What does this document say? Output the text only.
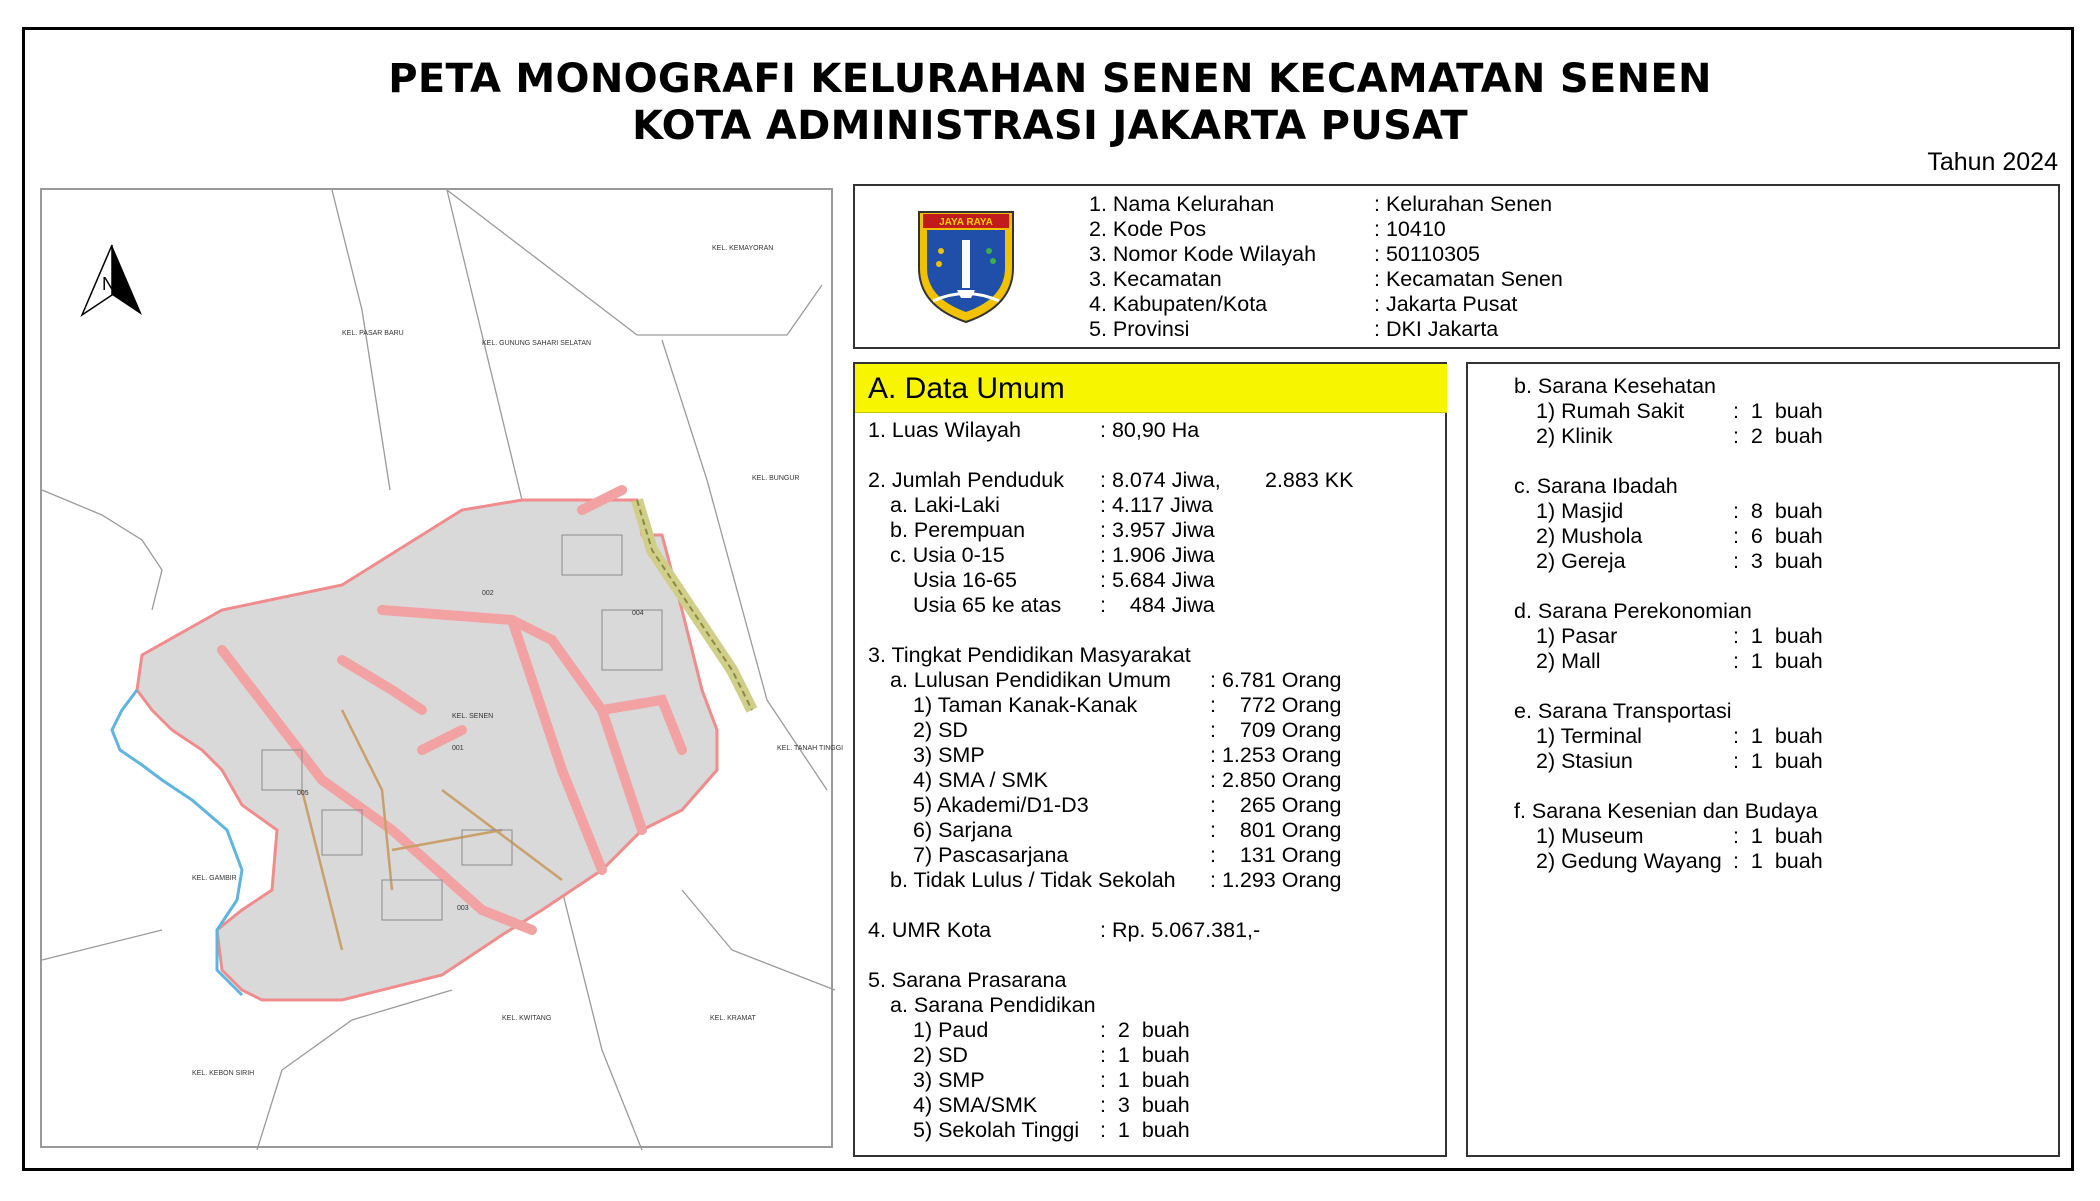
PETA MONOGRAFI KELURAHAN SENEN KECAMATAN SENEN
KOTA ADMINISTRASI JAKARTA PUSAT
Tahun 2024
N
KEL. KEMAYORAN
KEL. GUNUNG SAHARI SELATAN
KEL. PASAR BARU
KEL. BUNGUR
KEL. TANAH TINGGI
KEL. GAMBIR
KEL. KWITANG	KEL. KRAMAT
KEL. KEBON SIRIH
KEL. SENEN
001
002
003
004
005
JAYA RAYA
1. Nama Kelurahan	: Kelurahan Senen
2. Kode Pos	: 10410
3. Nomor Kode Wilayah	: 50110305
3. Kecamatan	: Kecamatan Senen
4. Kabupaten/Kota	: Jakarta Pusat
5. Provinsi	: DKI Jakarta
A. Data Umum
1. Luas Wilayah	: 80,90 Ha
2. Jumlah Penduduk : 8.074 Jiwa, 2.883 KK
a. Laki-Laki	: 4.117 Jiwa
b. Perempuan	: 3.957 Jiwa
c. Usia 0-15	: 1.906 Jiwa
Usia 16-65	: 5.684 Jiwa
Usia 65 ke atas :    484 Jiwa
3. Tingkat Pendidikan Masyarakat
a. Lulusan Pendidikan Umum : 6.781 Orang
1) Taman Kanak-Kanak	:    772 Orang
2) SD	:    709 Orang
3) SMP	: 1.253 Orang
4) SMA / SMK	: 2.850 Orang
5) Akademi/D1-D3	:    265 Orang
6) Sarjana	:    801 Orang
7) Pascasarjana	:    131 Orang
b. Tidak Lulus / Tidak Sekolah : 1.293 Orang
4. UMR Kota	: Rp. 5.067.381,-
5. Sarana Prasarana
a. Sarana Pendidikan
1) Paud	:  2  buah
2) SD	:  1  buah
3) SMP	:  1  buah
4) SMA/SMK	:  3  buah
5) Sekolah Tinggi :  1  buah
b. Sarana Kesehatan
1) Rumah Sakit :  1  buah
2) Klinik	:  2  buah
c. Sarana Ibadah
1) Masjid	:  8  buah
2) Mushola	:  6  buah
2) Gereja	:  3  buah
d. Sarana Perekonomian
1) Pasar	:  1  buah
2) Mall	:  1  buah
e. Sarana Transportasi
1) Terminal	:  1  buah
2) Stasiun	:  1  buah
f. Sarana Kesenian dan Budaya
1) Museum	:  1  buah
2) Gedung Wayang :  1  buah
